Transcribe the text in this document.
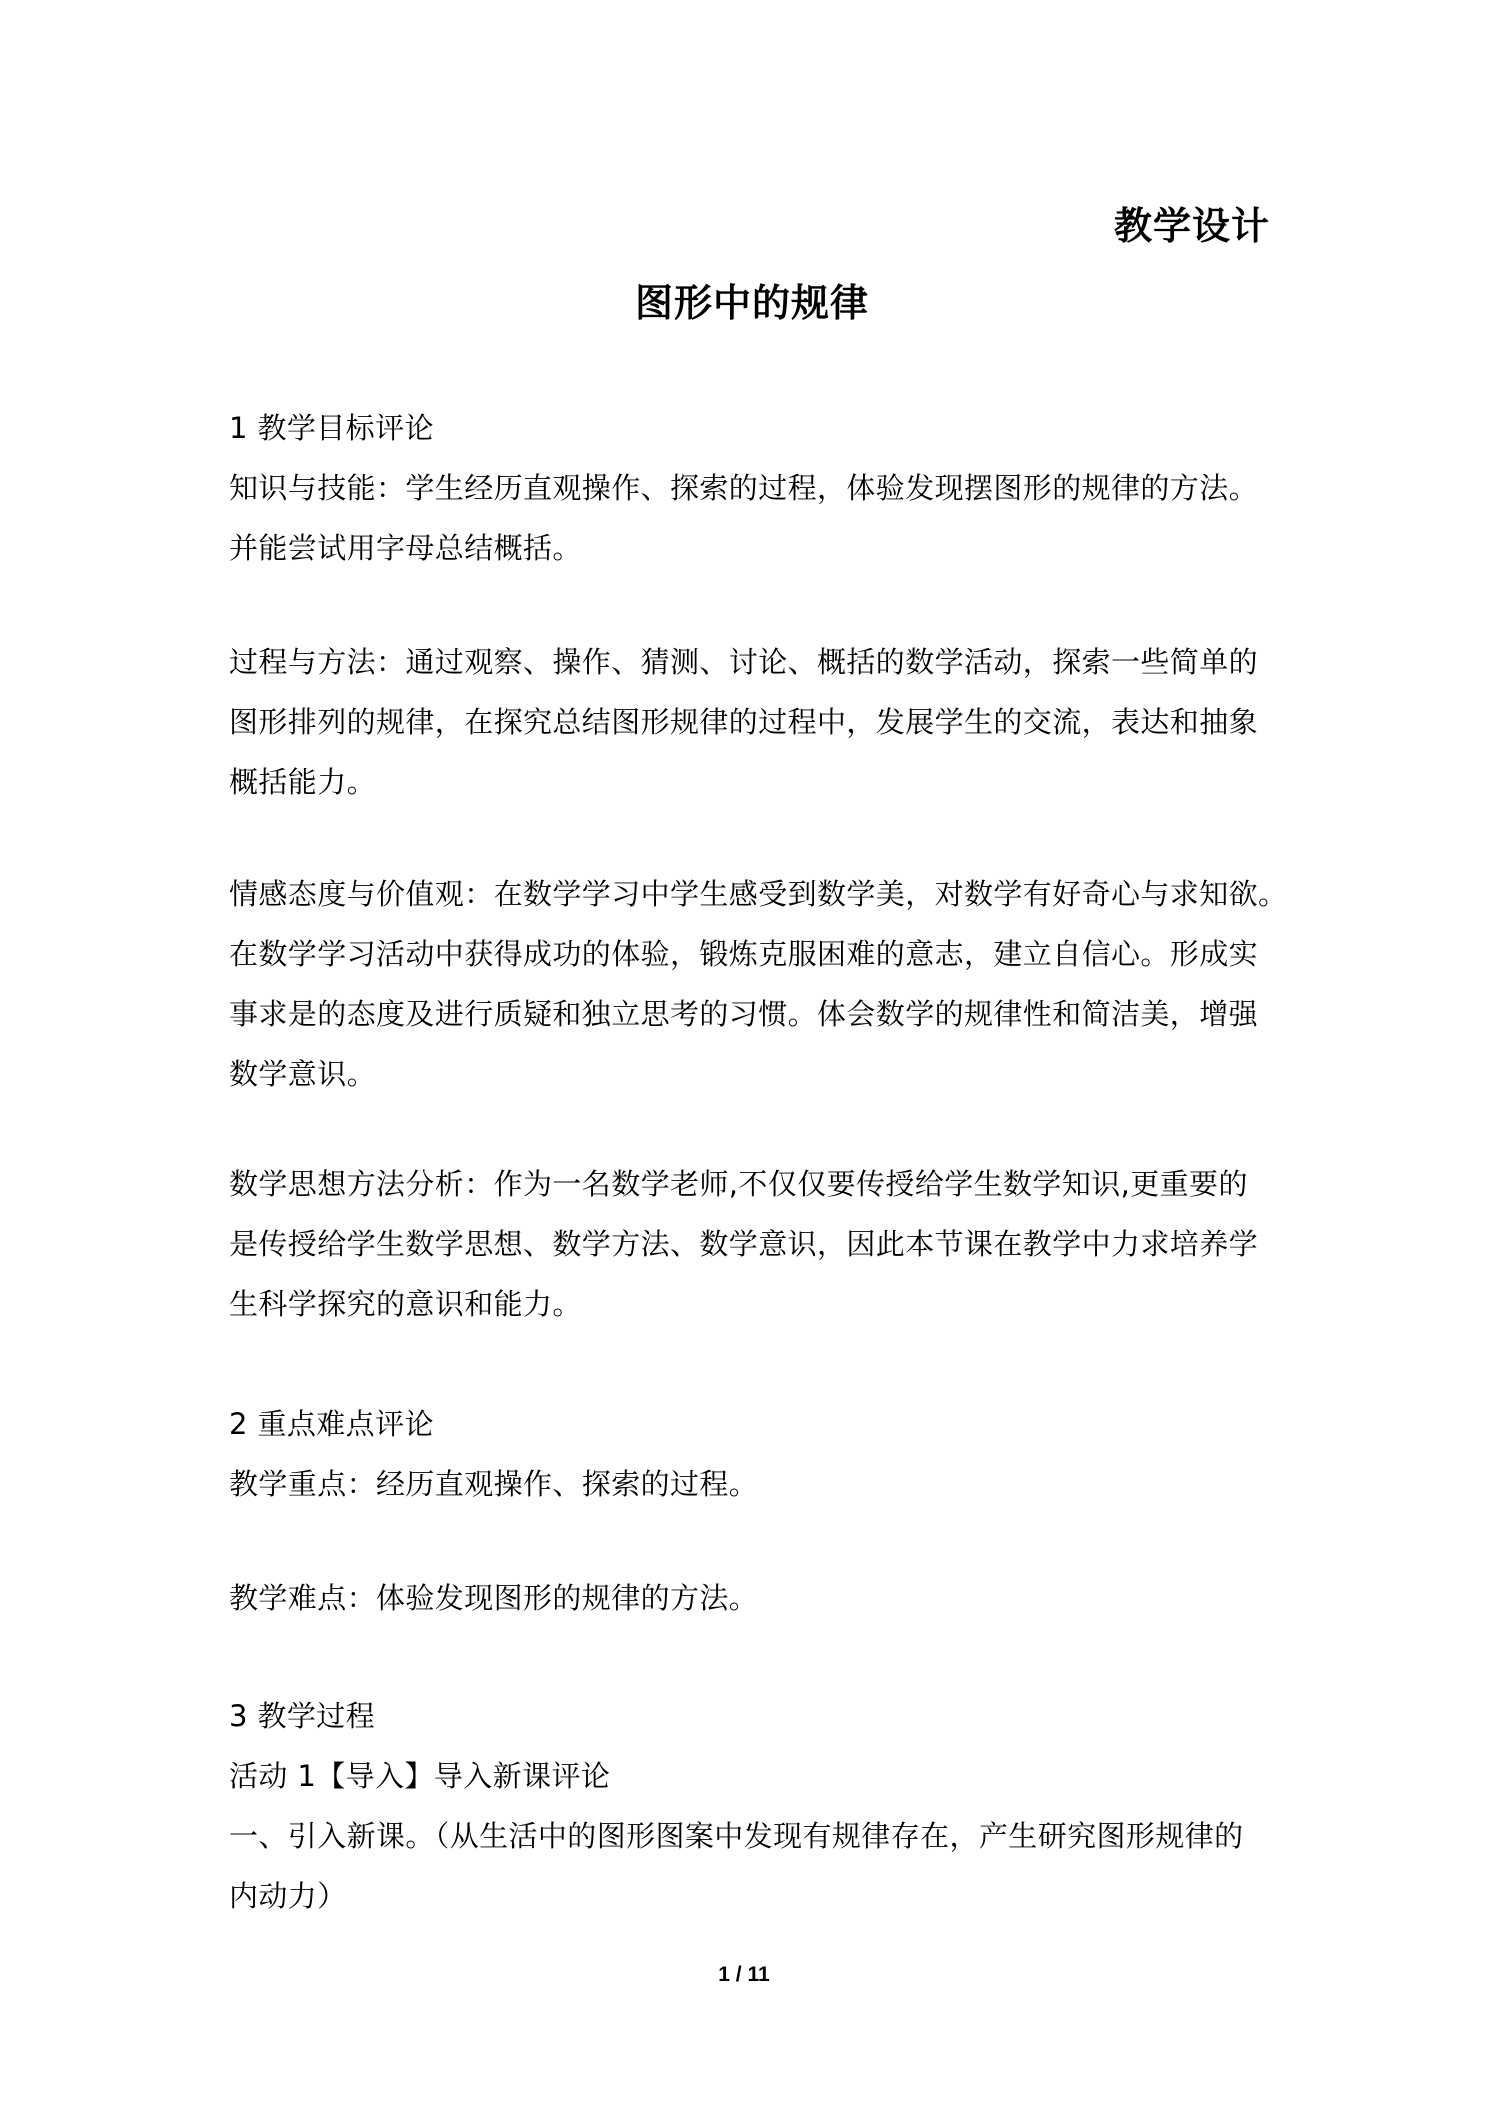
教学设计
图形中的规律
1 教学目标评论
知识与技能：学生经历直观操作、探索的过程，体验发现摆图形的规律的方法。
并能尝试用字母总结概括。
过程与方法：通过观察、操作、猜测、讨论、概括的数学活动，探索一些简单的
图形排列的规律，在探究总结图形规律的过程中，发展学生的交流，表达和抽象
概括能力。
情感态度与价值观：在数学学习中学生感受到数学美，对数学有好奇心与求知欲。
在数学学习活动中获得成功的体验，锻炼克服困难的意志，建立自信心。形成实
事求是的态度及进行质疑和独立思考的习惯。体会数学的规律性和简洁美，增强
数学意识。
数学思想方法分析：作为一名数学老师,不仅仅要传授给学生数学知识,更重要的
是传授给学生数学思想、数学方法、数学意识，因此本节课在教学中力求培养学
生科学探究的意识和能力。
2 重点难点评论
教学重点：经历直观操作、探索的过程。
教学难点：体验发现图形的规律的方法。
3 教学过程
活动 1【导入】导入新课评论
一、引入新课。（从生活中的图形图案中发现有规律存在，产生研究图形规律的
内动力）
1 / 11
